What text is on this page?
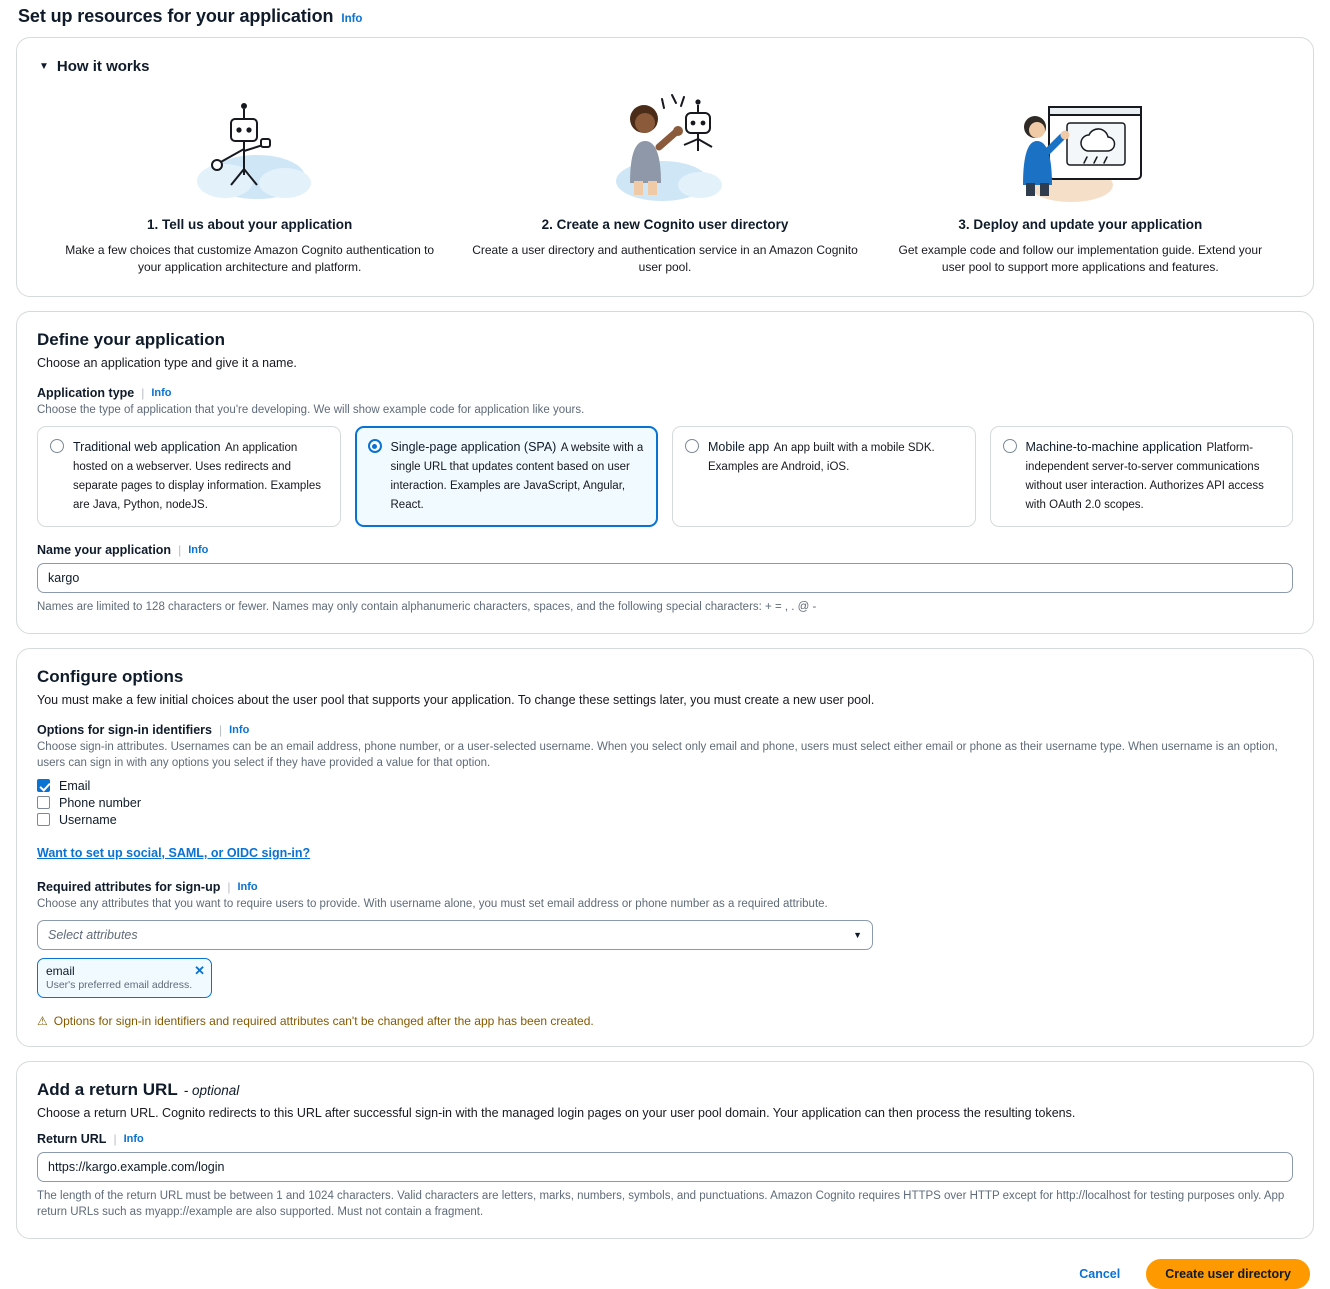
Set up resources for your application Info
▼ How it works
1. Tell us about your application
Make a few choices that customize Amazon Cognito authentication to your application architecture and platform.
2. Create a new Cognito user directory
Create a user directory and authentication service in an Amazon Cognito user pool.
3. Deploy and update your application
Get example code and follow our implementation guide. Extend your user pool to support more applications and features.
Define your application
Choose an application type and give it a name.
Application type | Info
Choose the type of application that you're developing. We will show example code for application like yours.
Traditional web application An application hosted on a webserver. Uses redirects and separate pages to display information. Examples are Java, Python, nodeJS.
Single-page application (SPA) A website with a single URL that updates content based on user interaction. Examples are JavaScript, Angular, React.
Mobile app An app built with a mobile SDK. Examples are Android, iOS.
Machine-to-machine application Platform-independent server-to-server communications without user interaction. Authorizes API access with OAuth 2.0 scopes.
Name your application | Info
kargo
Names are limited to 128 characters or fewer. Names may only contain alphanumeric characters, spaces, and the following special characters: + = , . @ -
Configure options
You must make a few initial choices about the user pool that supports your application. To change these settings later, you must create a new user pool.
Options for sign-in identifiers | Info
Choose sign-in attributes. Usernames can be an email address, phone number, or a user-selected username. When you select only email and phone, users must select either email or phone as their username type. When username is an option, users can sign in with any options you select if they have provided a value for that option.
Email
Phone number
Username
Want to set up social, SAML, or OIDC sign-in?
Required attributes for sign-up | Info
Choose any attributes that you want to require users to provide. With username alone, you must set email address or phone number as a required attribute.
Select attributes	▼
email
User's preferred email address.
✕
⚠ Options for sign-in identifiers and required attributes can't be changed after the app has been created.
Add a return URL - optional
Choose a return URL. Cognito redirects to this URL after successful sign-in with the managed login pages on your user pool domain. Your application can then process the resulting tokens.
Return URL | Info
https://kargo.example.com/login
The length of the return URL must be between 1 and 1024 characters. Valid characters are letters, marks, numbers, symbols, and punctuations. Amazon Cognito requires HTTPS over HTTP except for http://localhost for testing purposes only. App return URLs such as myapp://example are also supported. Must not contain a fragment.
Cancel	Create user directory
